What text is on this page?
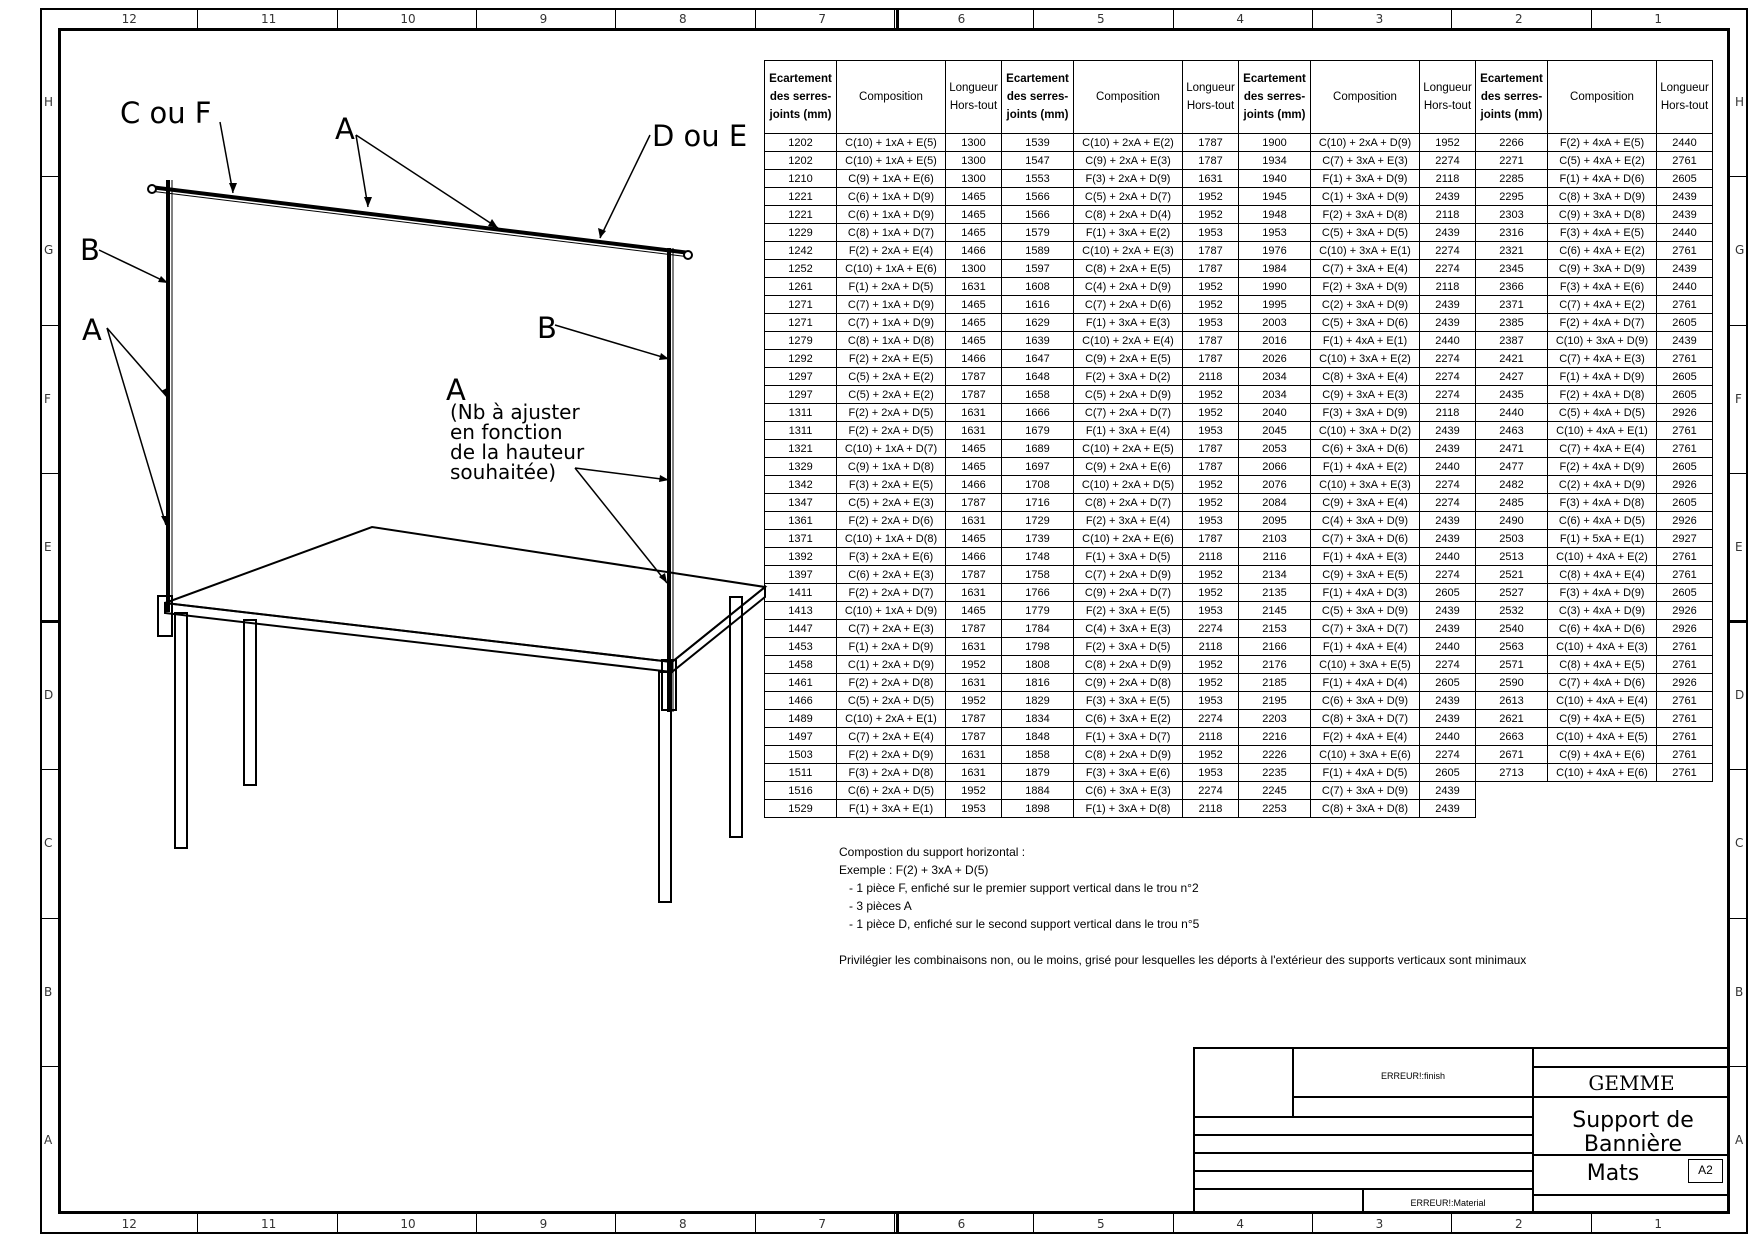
12
12
11
11
10
10
9
9
8
8
7
7
6
6
5
5
4
4
3
3
2
2
1
1
H	H
G	G
F	F
E	E
D	D
C	C
B	B
A	A
C ou F	A	D ou E
B
A	B
A
(Nb à ajuster
en fonction
de la hauteur
souhaitée)
Ecartement des serres-joints (mm)	Composition	Longueur Hors-tout	Ecartement des serres-joints (mm)	Composition	Longueur Hors-tout	Ecartement des serres-joints (mm)	Composition	Longueur Hors-tout	Ecartement des serres-joints (mm)	Composition	Longueur Hors-tout
1202	C(10) + 1xA + E(5)	1300	1539	C(10) + 2xA + E(2)	1787	1900	C(10) + 2xA + D(9)	1952	2266	F(2) + 4xA + E(5)	2440
1202	C(10) + 1xA + E(5)	1300	1547	C(9) + 2xA + E(3)	1787	1934	C(7) + 3xA + E(3)	2274	2271	C(5) + 4xA + E(2)	2761
1210	C(9) + 1xA + E(6)	1300	1553	F(3) + 2xA + D(9)	1631	1940	F(1) + 3xA + D(9)	2118	2285	F(1) + 4xA + D(6)	2605
1221	C(6) + 1xA + D(9)	1465	1566	C(5) + 2xA + D(7)	1952	1945	C(1) + 3xA + D(9)	2439	2295	C(8) + 3xA + D(9)	2439
1221	C(6) + 1xA + D(9)	1465	1566	C(8) + 2xA + D(4)	1952	1948	F(2) + 3xA + D(8)	2118	2303	C(9) + 3xA + D(8)	2439
1229	C(8) + 1xA + D(7)	1465	1579	F(1) + 3xA + E(2)	1953	1953	C(5) + 3xA + D(5)	2439	2316	F(3) + 4xA + E(5)	2440
1242	F(2) + 2xA + E(4)	1466	1589	C(10) + 2xA + E(3)	1787	1976	C(10) + 3xA + E(1)	2274	2321	C(6) + 4xA + E(2)	2761
1252	C(10) + 1xA + E(6)	1300	1597	C(8) + 2xA + E(5)	1787	1984	C(7) + 3xA + E(4)	2274	2345	C(9) + 3xA + D(9)	2439
1261	F(1) + 2xA + D(5)	1631	1608	C(4) + 2xA + D(9)	1952	1990	F(2) + 3xA + D(9)	2118	2366	F(3) + 4xA + E(6)	2440
1271	C(7) + 1xA + D(9)	1465	1616	C(7) + 2xA + D(6)	1952	1995	C(2) + 3xA + D(9)	2439	2371	C(7) + 4xA + E(2)	2761
1271	C(7) + 1xA + D(9)	1465	1629	F(1) + 3xA + E(3)	1953	2003	C(5) + 3xA + D(6)	2439	2385	F(2) + 4xA + D(7)	2605
1279	C(8) + 1xA + D(8)	1465	1639	C(10) + 2xA + E(4)	1787	2016	F(1) + 4xA + E(1)	2440	2387	C(10) + 3xA + D(9)	2439
1292	F(2) + 2xA + E(5)	1466	1647	C(9) + 2xA + E(5)	1787	2026	C(10) + 3xA + E(2)	2274	2421	C(7) + 4xA + E(3)	2761
1297	C(5) + 2xA + E(2)	1787	1648	F(2) + 3xA + D(2)	2118	2034	C(8) + 3xA + E(4)	2274	2427	F(1) + 4xA + D(9)	2605
1297	C(5) + 2xA + E(2)	1787	1658	C(5) + 2xA + D(9)	1952	2034	C(9) + 3xA + E(3)	2274	2435	F(2) + 4xA + D(8)	2605
1311	F(2) + 2xA + D(5)	1631	1666	C(7) + 2xA + D(7)	1952	2040	F(3) + 3xA + D(9)	2118	2440	C(5) + 4xA + D(5)	2926
1311	F(2) + 2xA + D(5)	1631	1679	F(1) + 3xA + E(4)	1953	2045	C(10) + 3xA + D(2)	2439	2463	C(10) + 4xA + E(1)	2761
1321	C(10) + 1xA + D(7)	1465	1689	C(10) + 2xA + E(5)	1787	2053	C(6) + 3xA + D(6)	2439	2471	C(7) + 4xA + E(4)	2761
1329	C(9) + 1xA + D(8)	1465	1697	C(9) + 2xA + E(6)	1787	2066	F(1) + 4xA + E(2)	2440	2477	F(2) + 4xA + D(9)	2605
1342	F(3) + 2xA + E(5)	1466	1708	C(10) + 2xA + D(5)	1952	2076	C(10) + 3xA + E(3)	2274	2482	C(2) + 4xA + D(9)	2926
1347	C(5) + 2xA + E(3)	1787	1716	C(8) + 2xA + D(7)	1952	2084	C(9) + 3xA + E(4)	2274	2485	F(3) + 4xA + D(8)	2605
1361	F(2) + 2xA + D(6)	1631	1729	F(2) + 3xA + E(4)	1953	2095	C(4) + 3xA + D(9)	2439	2490	C(6) + 4xA + D(5)	2926
1371	C(10) + 1xA + D(8)	1465	1739	C(10) + 2xA + E(6)	1787	2103	C(7) + 3xA + D(6)	2439	2503	F(1) + 5xA + E(1)	2927
1392	F(3) + 2xA + E(6)	1466	1748	F(1) + 3xA + D(5)	2118	2116	F(1) + 4xA + E(3)	2440	2513	C(10) + 4xA + E(2)	2761
1397	C(6) + 2xA + E(3)	1787	1758	C(7) + 2xA + D(9)	1952	2134	C(9) + 3xA + E(5)	2274	2521	C(8) + 4xA + E(4)	2761
1411	F(2) + 2xA + D(7)	1631	1766	C(9) + 2xA + D(7)	1952	2135	F(1) + 4xA + D(3)	2605	2527	F(3) + 4xA + D(9)	2605
1413	C(10) + 1xA + D(9)	1465	1779	F(2) + 3xA + E(5)	1953	2145	C(5) + 3xA + D(9)	2439	2532	C(3) + 4xA + D(9)	2926
1447	C(7) + 2xA + E(3)	1787	1784	C(4) + 3xA + E(3)	2274	2153	C(7) + 3xA + D(7)	2439	2540	C(6) + 4xA + D(6)	2926
1453	F(1) + 2xA + D(9)	1631	1798	F(2) + 3xA + D(5)	2118	2166	F(1) + 4xA + E(4)	2440	2563	C(10) + 4xA + E(3)	2761
1458	C(1) + 2xA + D(9)	1952	1808	C(8) + 2xA + D(9)	1952	2176	C(10) + 3xA + E(5)	2274	2571	C(8) + 4xA + E(5)	2761
1461	F(2) + 2xA + D(8)	1631	1816	C(9) + 2xA + D(8)	1952	2185	F(1) + 4xA + D(4)	2605	2590	C(7) + 4xA + D(6)	2926
1466	C(5) + 2xA + D(5)	1952	1829	F(3) + 3xA + E(5)	1953	2195	C(6) + 3xA + D(9)	2439	2613	C(10) + 4xA + E(4)	2761
1489	C(10) + 2xA + E(1)	1787	1834	C(6) + 3xA + E(2)	2274	2203	C(8) + 3xA + D(7)	2439	2621	C(9) + 4xA + E(5)	2761
1497	C(7) + 2xA + E(4)	1787	1848	F(1) + 3xA + D(7)	2118	2216	F(2) + 4xA + E(4)	2440	2663	C(10) + 4xA + E(5)	2761
1503	F(2) + 2xA + D(9)	1631	1858	C(8) + 2xA + D(9)	1952	2226	C(10) + 3xA + E(6)	2274	2671	C(9) + 4xA + E(6)	2761
1511	F(3) + 2xA + D(8)	1631	1879	F(3) + 3xA + E(6)	1953	2235	F(1) + 4xA + D(5)	2605	2713	C(10) + 4xA + E(6)	2761
1516	C(6) + 2xA + D(5)	1952	1884	C(6) + 3xA + E(3)	2274	2245	C(7) + 3xA + D(9)	2439			
1529	F(1) + 3xA + E(1)	1953	1898	F(1) + 3xA + D(8)	2118	2253	C(8) + 3xA + D(8)	2439			
Compostion du support horizontal :
Exemple : F(2) + 3xA + D(5)
- 1 pièce F, enfiché sur le premier support vertical dans le trou n°2
- 3 pièces A
- 1 pièce D, enfiché sur le second support vertical dans le trou n°5
Privilégier les combinaisons non, ou le moins, grisé pour lesquelles les déports à l'extérieur des supports verticaux sont minimaux
ERREUR!:finish
ERREUR!:Material
GEMME
Support de Bannière
Mats	A2
